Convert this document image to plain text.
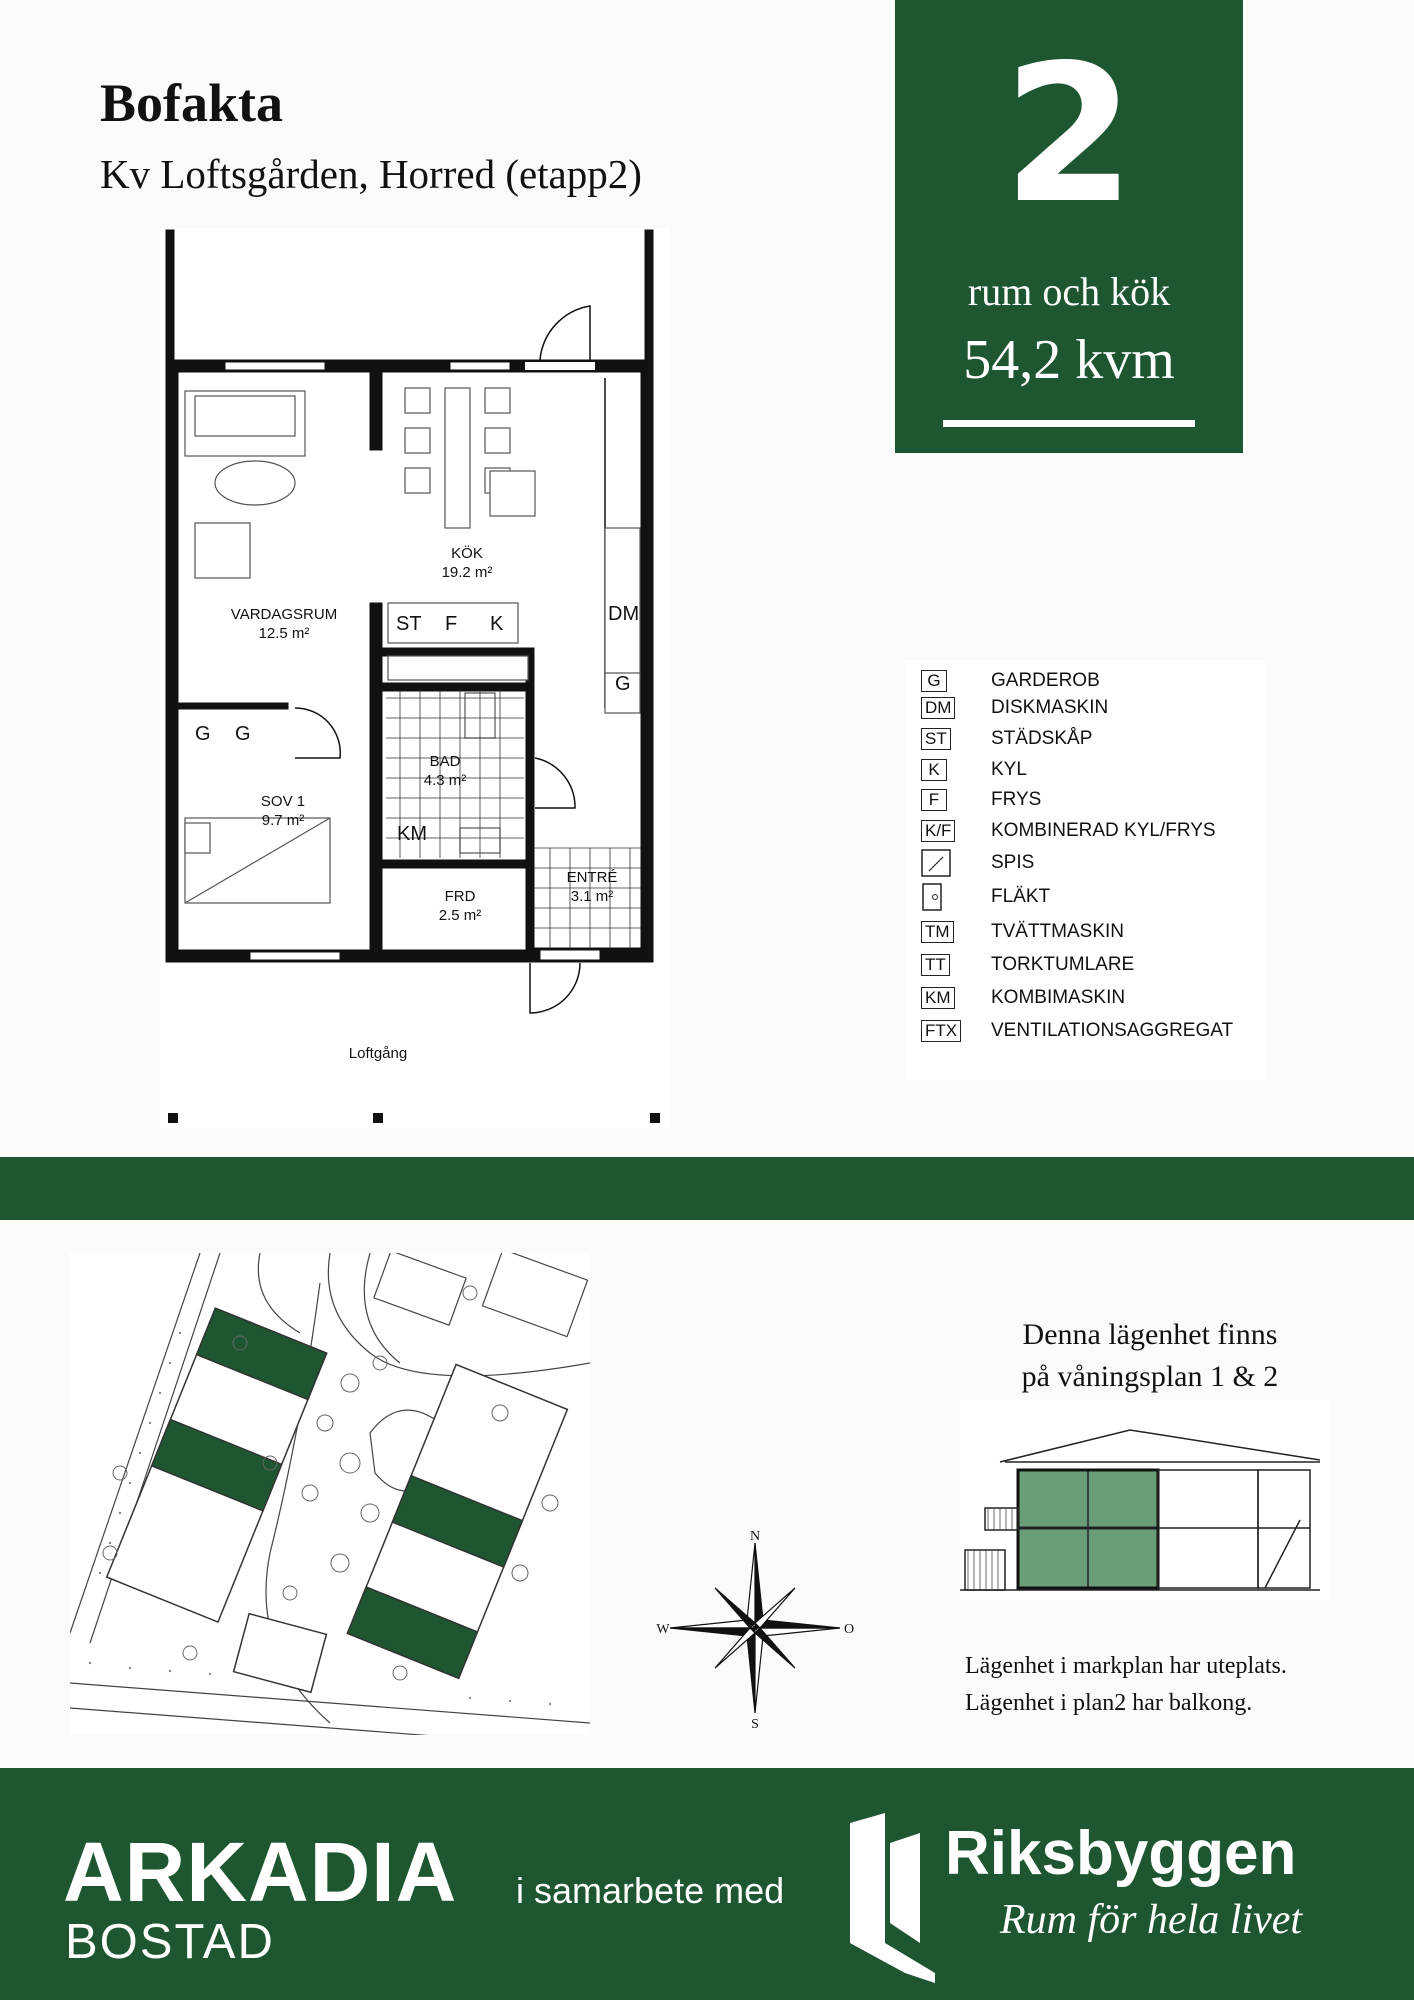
Bofakta

Kv Loftsgården, Horred (etapp2)	2
rum och kök
54,2 kvm
ST F K	DM
G
G G
KM
KÖK
19.2 m²
VARDAGSRUM
12.5 m²
SOV 1
9.7 m²
BAD
4.3 m²
FRD
2.5 m²
ENTRÉ
3.1 m²
Loftgång
G	GARDEROB
DM DISKMASKIN
ST STÄDSKÅP
K	KYL
F	FRYS
K/F KOMBINERAD KYL/FRYS
SPIS
FLÄKT
TM TVÄTTMASKIN
TT TORKTUMLARE
KM KOMBIMASKIN
FTX VENTILATIONSAGGREGAT
N
S
W	O
Denna lägenhet finns
på våningsplan 1 & 2
Lägenhet i markplan har uteplats.
Lägenhet i plan2 har balkong.
ARKADIA
BOSTAD
i samarbete med
Riksbyggen
Rum för hela livet
